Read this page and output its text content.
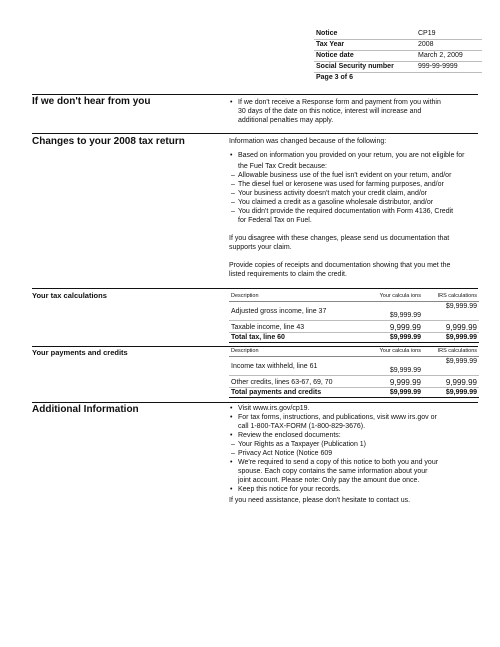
Notice	CP19
Tax Year	2008
Notice date	March 2, 2009
Social Security number	999-99-9999
Page 3 of 6	
If we don't hear from you	• If we don't receive a Response form and payment from you within
30 days of the date on this notice, interest will increase and
additional penalties may apply.
Changes to your 2008 tax return	Information was changed because of the following:
• Based on information you provided on your return, you are not eligible for
the Fuel Tax Credit because:
– Allowable business use of the fuel isn't evident on your return, and/or
– The diesel fuel or kerosene was used for farming purposes, and/or
– Your business activity doesn't match your credit claim, and/or
– You claimed a credit as a gasoline wholesale distributor, and/or
– You didn't provide the required documentation with Form 4136, Credit
for Federal Tax on Fuel.
If you disagree with these changes, please send us documentation that
supports your claim.
Provide copies of receipts and documentation showing that you met the
listed requirements to claim the credit.
Your tax calculations	Description	Your calcula ions	IRS calculations
Adjusted gross income, line 37	$9,999.99	$9,999.99
Taxable income, line 43	9,999.99	9,999.99
Total tax, line 60	$9,999.99	$9,999.99
Your payments and credits	Description	Your calcula ions	IRS calculations
Income tax withheld, line 61	$9,999.99	$9,999.99
Other credits, lines 63-67, 69, 70	9,999.99	9,999.99
Total payments and credits	$9,999.99	$9,999.99
Additional Information	• Visit www.irs.gov/cp19.
• For tax forms, instructions, and publications, visit www irs.gov or
call 1-800-TAX-FORM (1-800-829-3676).
• Review the enclosed documents:
– Your Rights as a Taxpayer (Publication 1)
– Privacy Act Notice (Notice 609
• We're required to send a copy of this notice to both you and your
spouse. Each copy contains the same information about your
joint account. Please note: Only pay the amount due once.
• Keep this notice for your records.
If you need assistance, please don't hesitate to contact us.
